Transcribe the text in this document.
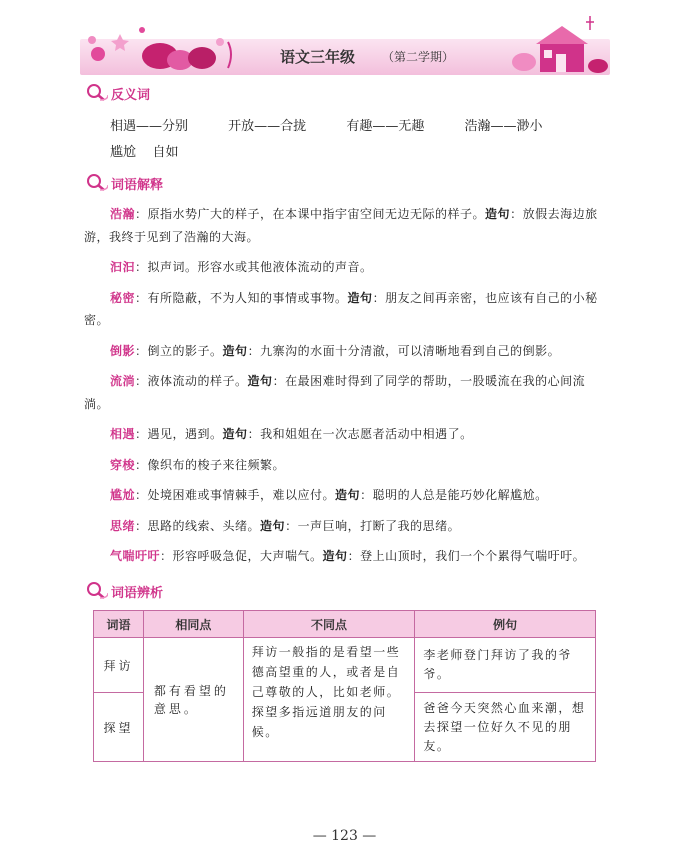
语文三年级 （第二学期）
反义词
相遇——分别	开放——合拢	有趣——无趣	浩瀚——渺小
尴尬    自如
词语解释

浩瀚：原指水势广大的样子，在本课中指宇宙空间无边无际的样子。造句：放假去海边旅游，我终于见到了浩瀚的大海。

汩汩：拟声词。形容水或其他液体流动的声音。

秘密：有所隐蔽，不为人知的事情或事物。造句：朋友之间再亲密，也应该有自己的小秘密。

倒影：倒立的影子。造句：九寨沟的水面十分清澈，可以清晰地看到自己的倒影。

流淌：液体流动的样子。造句：在最困难时得到了同学的帮助，一股暖流在我的心间流淌。

相遇：遇见，遇到。造句：我和姐姐在一次志愿者活动中相遇了。

穿梭：像织布的梭子来往频繁。

尴尬：处境困难或事情棘手，难以应付。造句：聪明的人总是能巧妙化解尴尬。

思绪：思路的线索、头绪。造句：一声巨响，打断了我的思绪。

气喘吁吁：形容呼吸急促，大声喘气。造句：登上山顶时，我们一个个累得气喘吁吁。

词语辨析
词语	相同点	不同点	例句
拜访	都有看望的意思。	拜访一般指的是看望一些德高望重的人，或者是自己尊敬的人，比如老师。探望多指远道朋友的问候。	李老师登门拜访了我的爷爷。
探望			爸爸今天突然心血来潮，想去探望一位好久不见的朋友。
— 123 —
